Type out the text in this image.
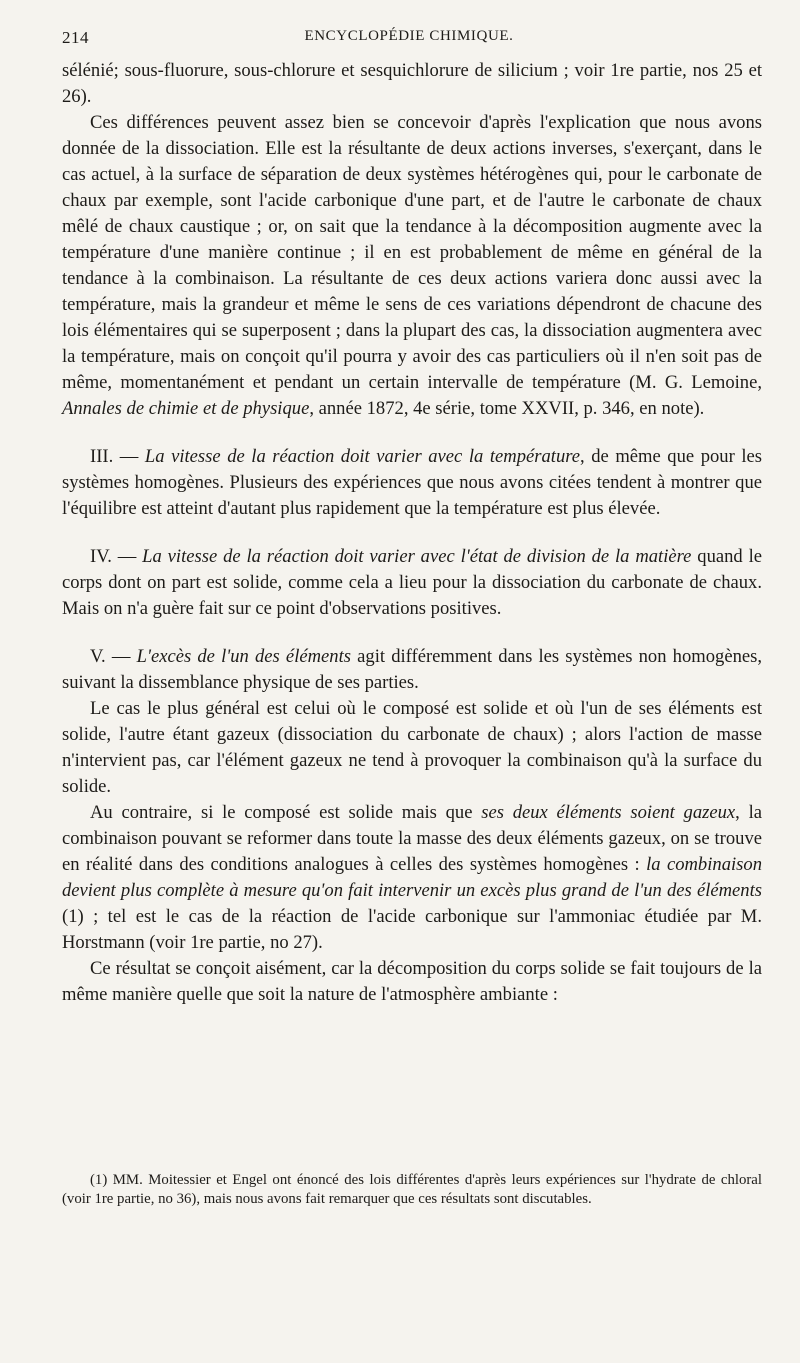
214	ENCYCLOPÉDIE CHIMIQUE.

sélénié; sous-fluorure, sous-chlorure et sesquichlorure de silicium ; voir 1re partie, nos 25 et 26).

Ces différences peuvent assez bien se concevoir d'après l'explication que nous avons donnée de la dissociation. Elle est la résultante de deux actions inverses, s'exerçant, dans le cas actuel, à la surface de séparation de deux systèmes hétérogènes qui, pour le carbonate de chaux par exemple, sont l'acide carbonique d'une part, et de l'autre le carbonate de chaux mêlé de chaux caustique ; or, on sait que la tendance à la décomposition augmente avec la température d'une manière continue ; il en est probablement de même en général de la tendance à la combinaison. La résultante de ces deux actions variera donc aussi avec la température, mais la grandeur et même le sens de ces variations dépendront de chacune des lois élémentaires qui se superposent ; dans la plupart des cas, la dissociation augmentera avec la température, mais on conçoit qu'il pourra y avoir des cas particuliers où il n'en soit pas de même, momentanément et pendant un certain intervalle de température (M. G. Lemoine, Annales de chimie et de physique, année 1872, 4e série, tome XXVII, p. 346, en note).

III. — La vitesse de la réaction doit varier avec la température, de même que pour les systèmes homogènes. Plusieurs des expériences que nous avons citées tendent à montrer que l'équilibre est atteint d'autant plus rapidement que la température est plus élevée.

IV. — La vitesse de la réaction doit varier avec l'état de division de la matière quand le corps dont on part est solide, comme cela a lieu pour la dissociation du carbonate de chaux. Mais on n'a guère fait sur ce point d'observations positives.

V. — L'excès de l'un des éléments agit différemment dans les systèmes non homogènes, suivant la dissemblance physique de ses parties.

Le cas le plus général est celui où le composé est solide et où l'un de ses éléments est solide, l'autre étant gazeux (dissociation du carbonate de chaux) ; alors l'action de masse n'intervient pas, car l'élément gazeux ne tend à provoquer la combinaison qu'à la surface du solide.

Au contraire, si le composé est solide mais que ses deux éléments soient gazeux, la combinaison pouvant se reformer dans toute la masse des deux éléments gazeux, on se trouve en réalité dans des conditions analogues à celles des systèmes homogènes : la combinaison devient plus complète à mesure qu'on fait intervenir un excès plus grand de l'un des éléments (1) ; tel est le cas de la réaction de l'acide carbonique sur l'ammoniac étudiée par M. Horstmann (voir 1re partie, no 27).

Ce résultat se conçoit aisément, car la décomposition du corps solide se fait toujours de la même manière quelle que soit la nature de l'atmosphère ambiante :

(1) MM. Moitessier et Engel ont énoncé des lois différentes d'après leurs expériences sur l'hydrate de chloral (voir 1re partie, no 36), mais nous avons fait remarquer que ces résultats sont discutables.
